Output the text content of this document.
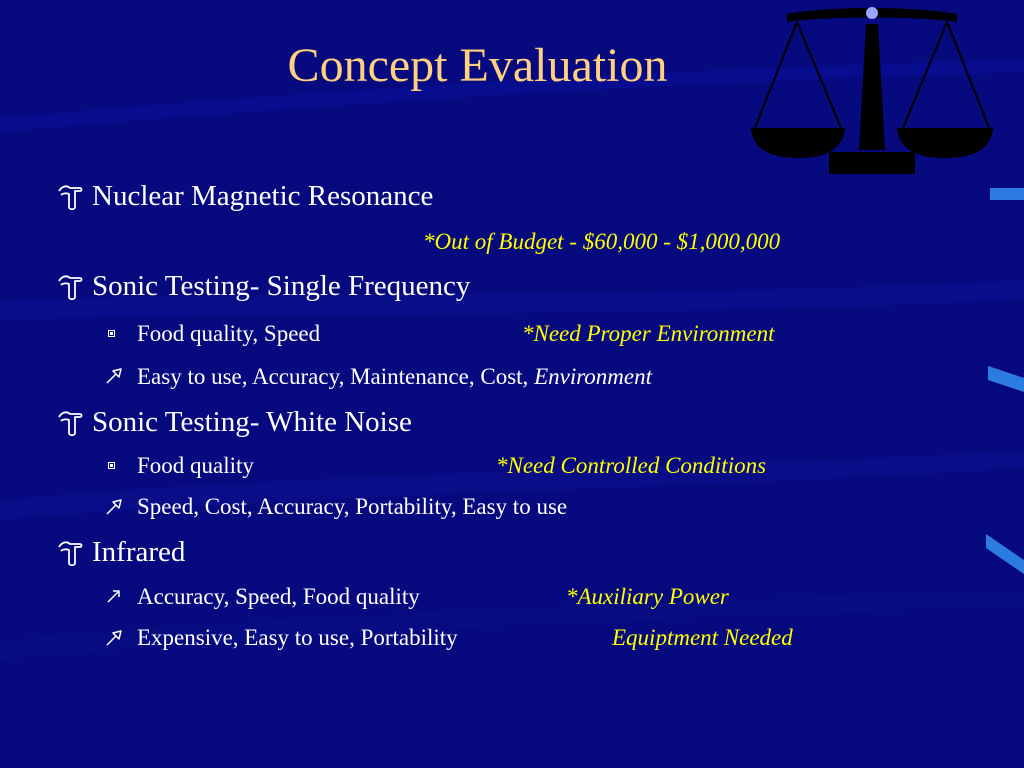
Concept Evaluation
Nuclear Magnetic Resonance
*Out of Budget - $60,000 - $1,000,000
Sonic Testing- Single Frequency
Food quality, Speed	*Need Proper Environment
Easy to use, Accuracy, Maintenance, Cost, Environment
Sonic Testing- White Noise
Food quality	*Need Controlled Conditions
Speed, Cost, Accuracy, Portability, Easy to use
Infrared
Accuracy, Speed, Food quality	*Auxiliary Power
Expensive, Easy to use, Portability	Equiptment Needed
